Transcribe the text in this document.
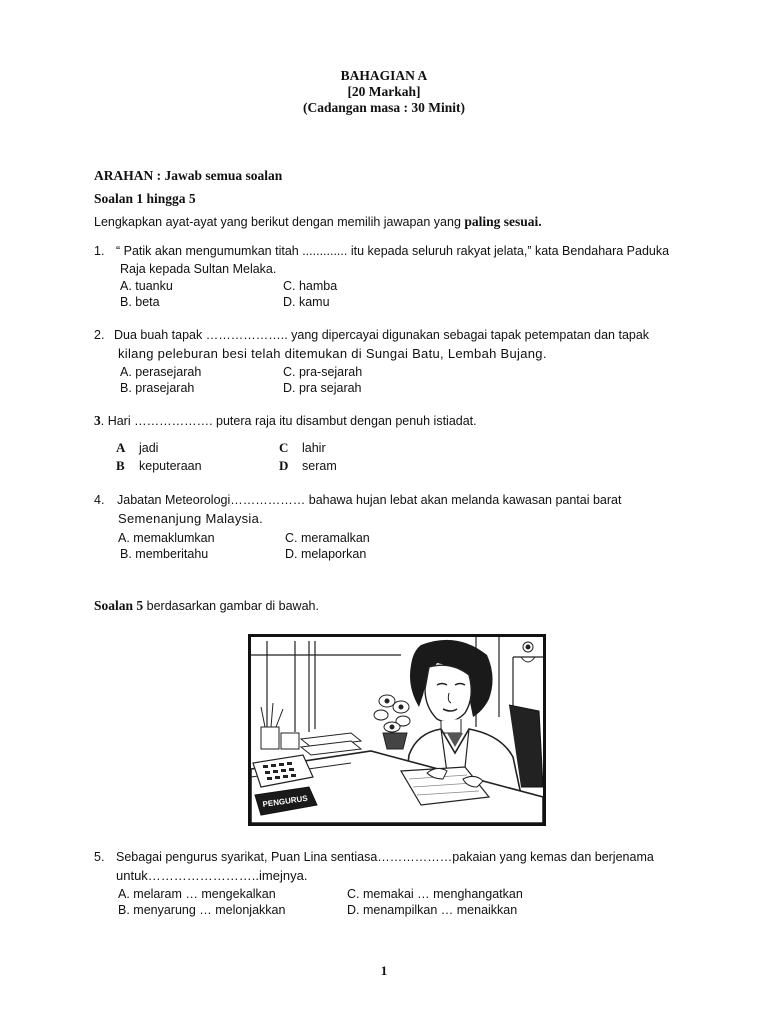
BAHAGIAN A
[20 Markah]
(Cadangan masa : 30 Minit)
ARAHAN : Jawab semua soalan
Soalan 1 hingga 5
Lengkapkan ayat-ayat yang berikut dengan memilih jawapan yang paling sesuai.
1. “ Patik akan mengumumkan titah ............. itu kepada seluruh rakyat jelata,” kata Bendahara Paduka
Raja kepada Sultan Melaka.
A. tuanku
B. beta
C. hamba
D. kamu
2. Dua buah tapak ……………….. yang dipercayai digunakan sebagai tapak petempatan dan tapak
kilang peleburan besi telah ditemukan di Sungai Batu, Lembah Bujang.
A. perasejarah
B. prasejarah
C. pra-sejarah
D. pra sejarah
3. Hari ………………. putera raja itu disambut dengan penuh istiadat.
A jadi
B keputeraan
C lahir
D seram
4. Jabatan Meteorologi……………… bahawa hujan lebat akan melanda kawasan pantai barat
Semenanjung Malaysia.
A. memaklumkan
B. memberitahu
C. meramalkan
D. melaporkan
Soalan 5 berdasarkan gambar di bawah.
PENGURUS
5. Sebagai pengurus syarikat, Puan Lina sentiasa………………pakaian yang kemas dan berjenama
untuk……………………..imejnya.
A. melaram … mengekalkan
B. menyarung … melonjakkan
C. memakai … menghangatkan
D. menampilkan … menaikkan
1
